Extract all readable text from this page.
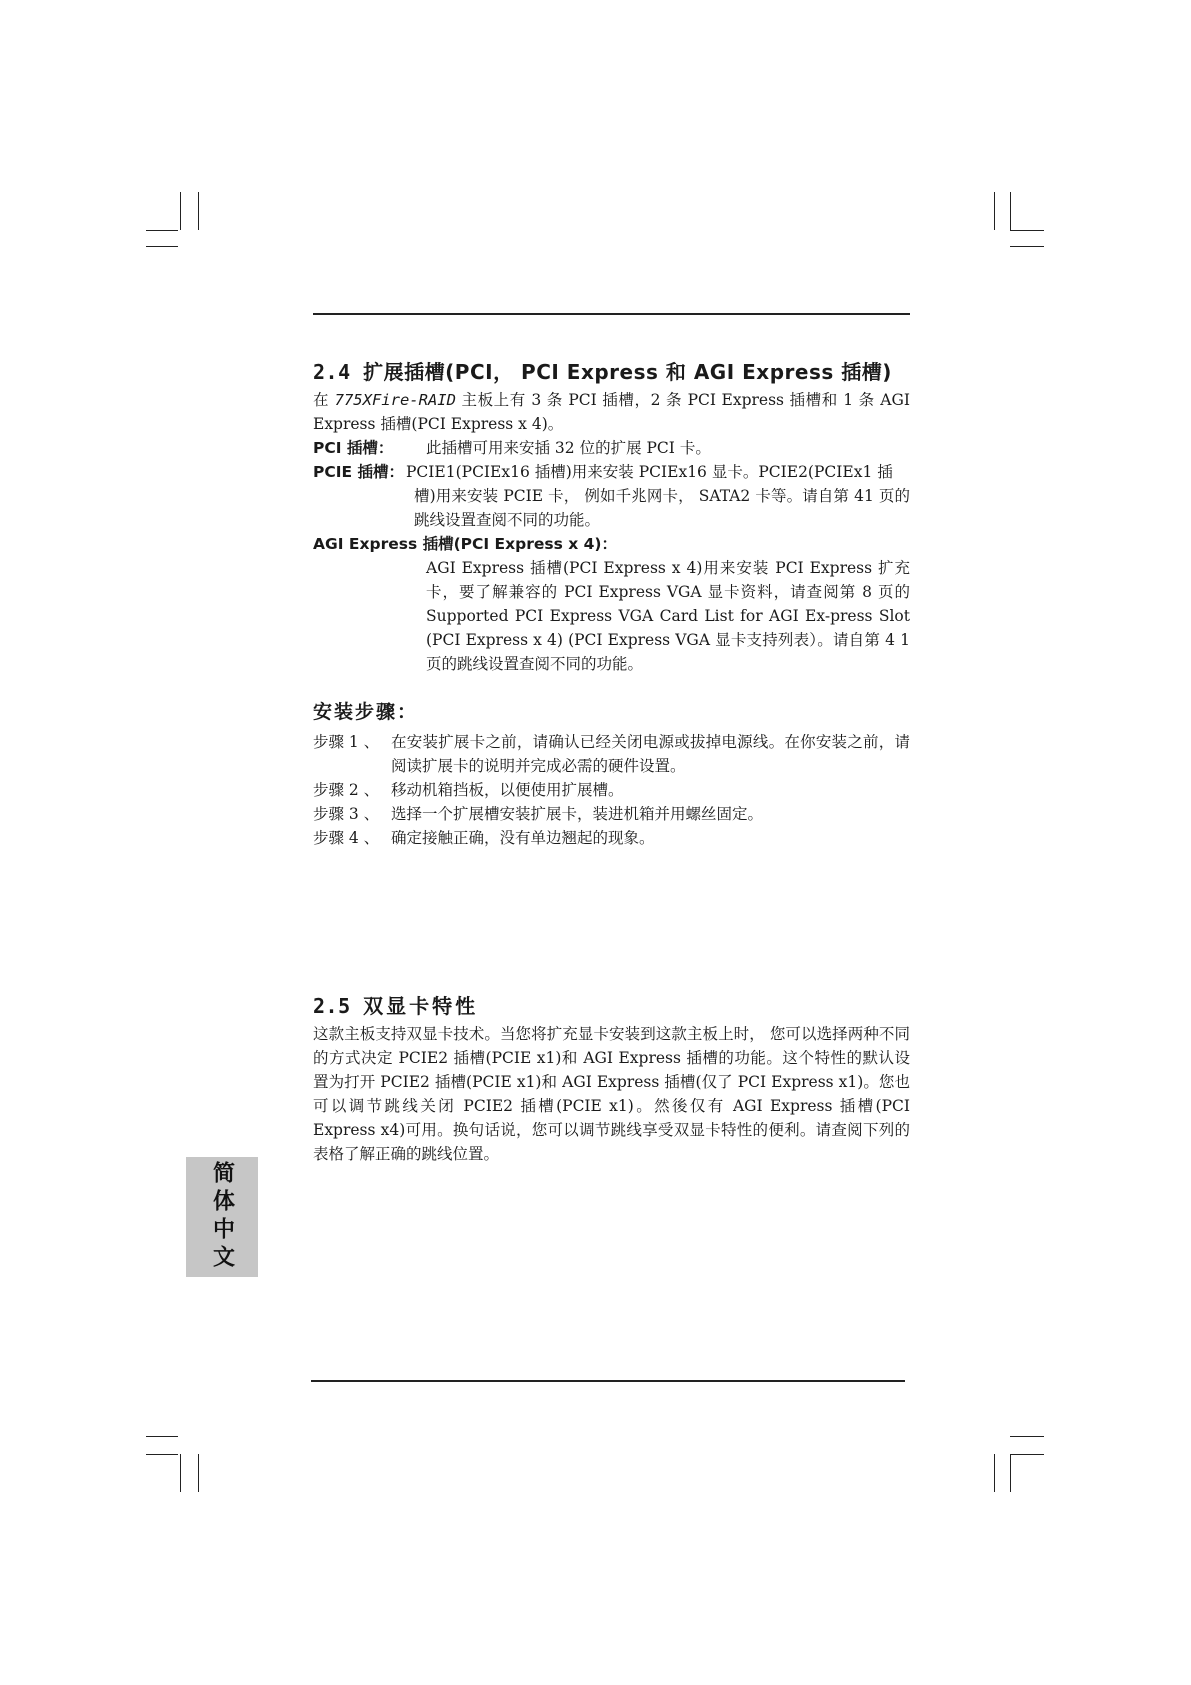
2.4 扩展插槽(PCI， PCI Express 和 AGI Express 插槽)

在 775XFire-RAID 主板上有 3 条 PCI 插槽，2 条 PCI Express 插槽和 1 条 AGI Express 插槽(PCI Express x 4)。

PCI 插槽：	此插槽可用来安插 32 位的扩展 PCI 卡。
PCIE 插槽： PCIE1(PCIEx16 插槽)用来安装 PCIEx16 显卡。PCIE2(PCIEx1 插
槽)用来安装 PCIE 卡， 例如千兆网卡， SATA2 卡等。请自第 41 页的跳线设置查阅不同的功能。
AGI Express 插槽(PCI Express x 4)：
AGI Express 插槽(PCI Express x 4)用来安装 PCI Express 扩充卡，要了解兼容的 PCI Express VGA 显卡资料，请查阅第 8 页的 Supported PCI Express VGA Card List for AGI Ex-press Slot (PCI Express x 4) (PCI Express VGA 显卡支持列表）。请自第 4 1 页的跳线设置查阅不同的功能。
安装步骤：
步骤 1 、 在安装扩展卡之前，请确认已经关闭电源或拔掉电源线。在你安装之前，请阅读扩展卡的说明并完成必需的硬件设置。
步骤 2 、 移动机箱挡板，以便使用扩展槽。
步骤 3 、 选择一个扩展槽安装扩展卡，装进机箱并用螺丝固定。
步骤 4 、 确定接触正确，没有单边翘起的现象。
2.5 双显卡特性

这款主板支持双显卡技术。当您将扩充显卡安装到这款主板上时， 您可以选择两种不同的方式决定 PCIE2 插槽(PCIE x1)和 AGI Express 插槽的功能。这个特性的默认设置为打开 PCIE2 插槽(PCIE x1)和 AGI Express 插槽(仅了 PCI Express x1)。您也可以调节跳线关闭 PCIE2 插槽(PCIE x1)。然後仅有 AGI Express 插槽(PCI Express x4)可用。换句话说，您可以调节跳线享受双显卡特性的便利。请查阅下列的表格了解正确的跳线位置。

简体中文
